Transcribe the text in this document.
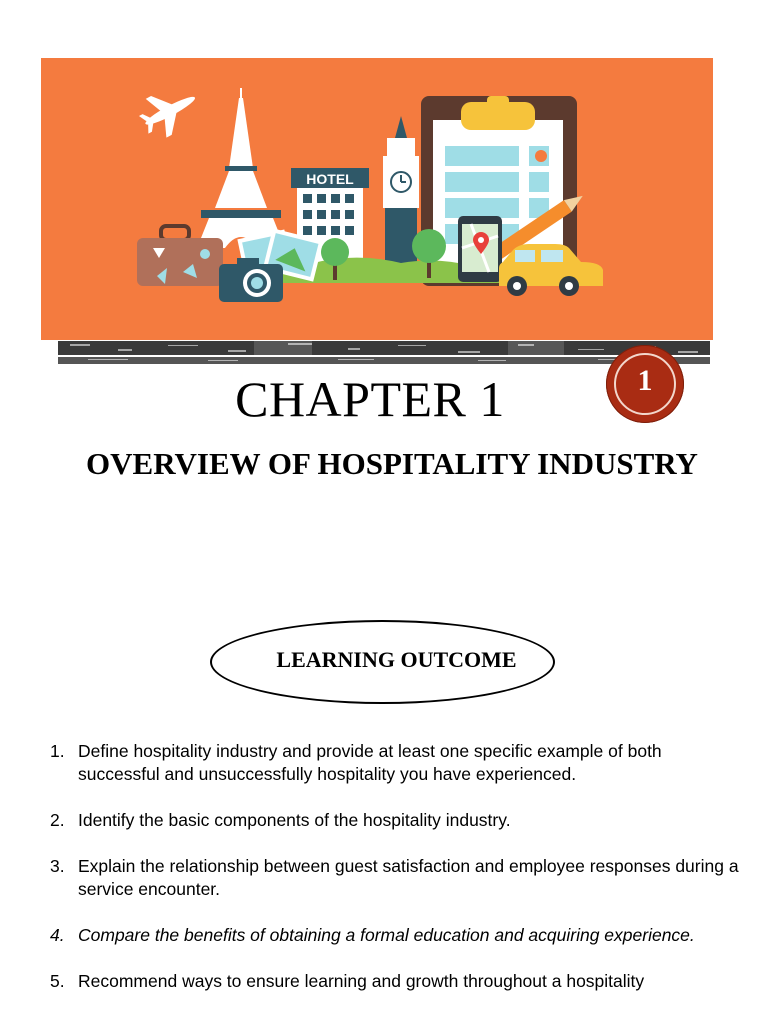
HOTEL
1
CHAPTER 1
OVERVIEW OF HOSPITALITY INDUSTRY
LEARNING OUTCOME
1. Define hospitality industry and provide at least one specific example of both successful and unsuccessfully hospitality you have experienced.
2. Identify the basic components of the hospitality industry.
3. Explain the relationship between guest satisfaction and employee responses during a service encounter.
4. Compare the benefits of obtaining a formal education and acquiring experience.
5. Recommend ways to ensure learning and growth throughout a hospitality
